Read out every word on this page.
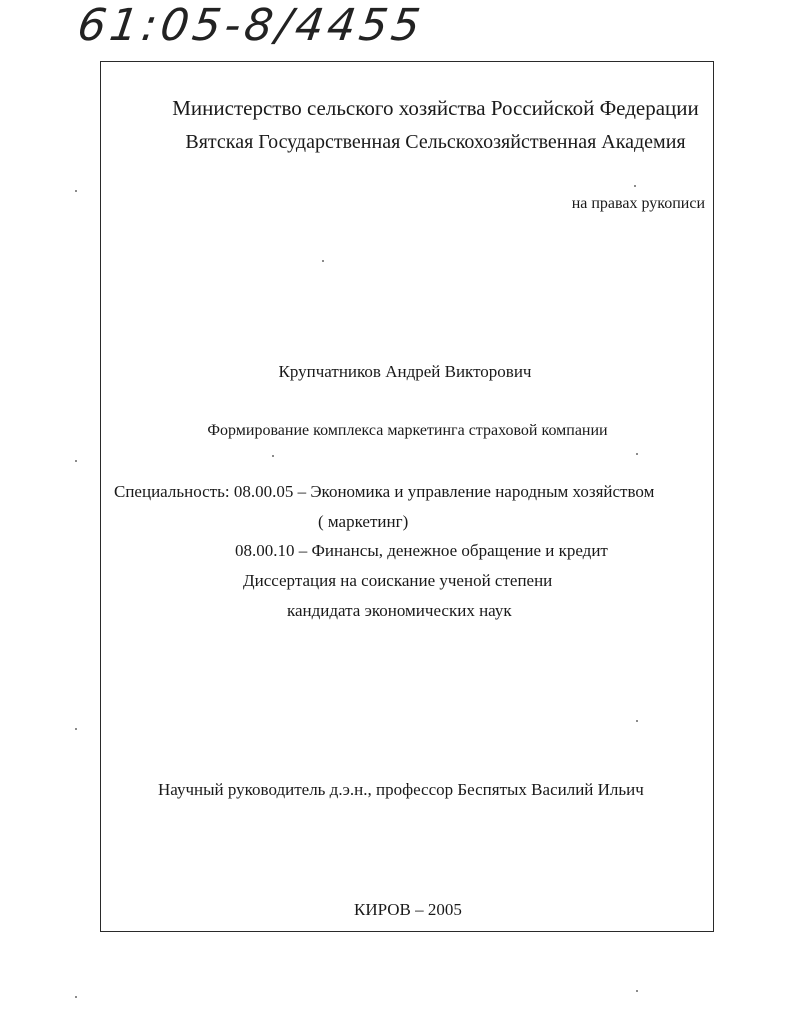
61:05-8/4455
Министерство сельского хозяйства Российской Федерации
Вятская Государственная Сельскохозяйственная Академия
на правах рукописи
Крупчатников Андрей Викторович
Формирование комплекса маркетинга страховой компании
Специальность: 08.00.05 – Экономика и управление народным хозяйством
( маркетинг)
08.00.10 – Финансы, денежное обращение и кредит
Диссертация на соискание ученой степени
кандидата экономических наук
Научный руководитель д.э.н., профессор Беспятых Василий Ильич
КИРОВ – 2005
